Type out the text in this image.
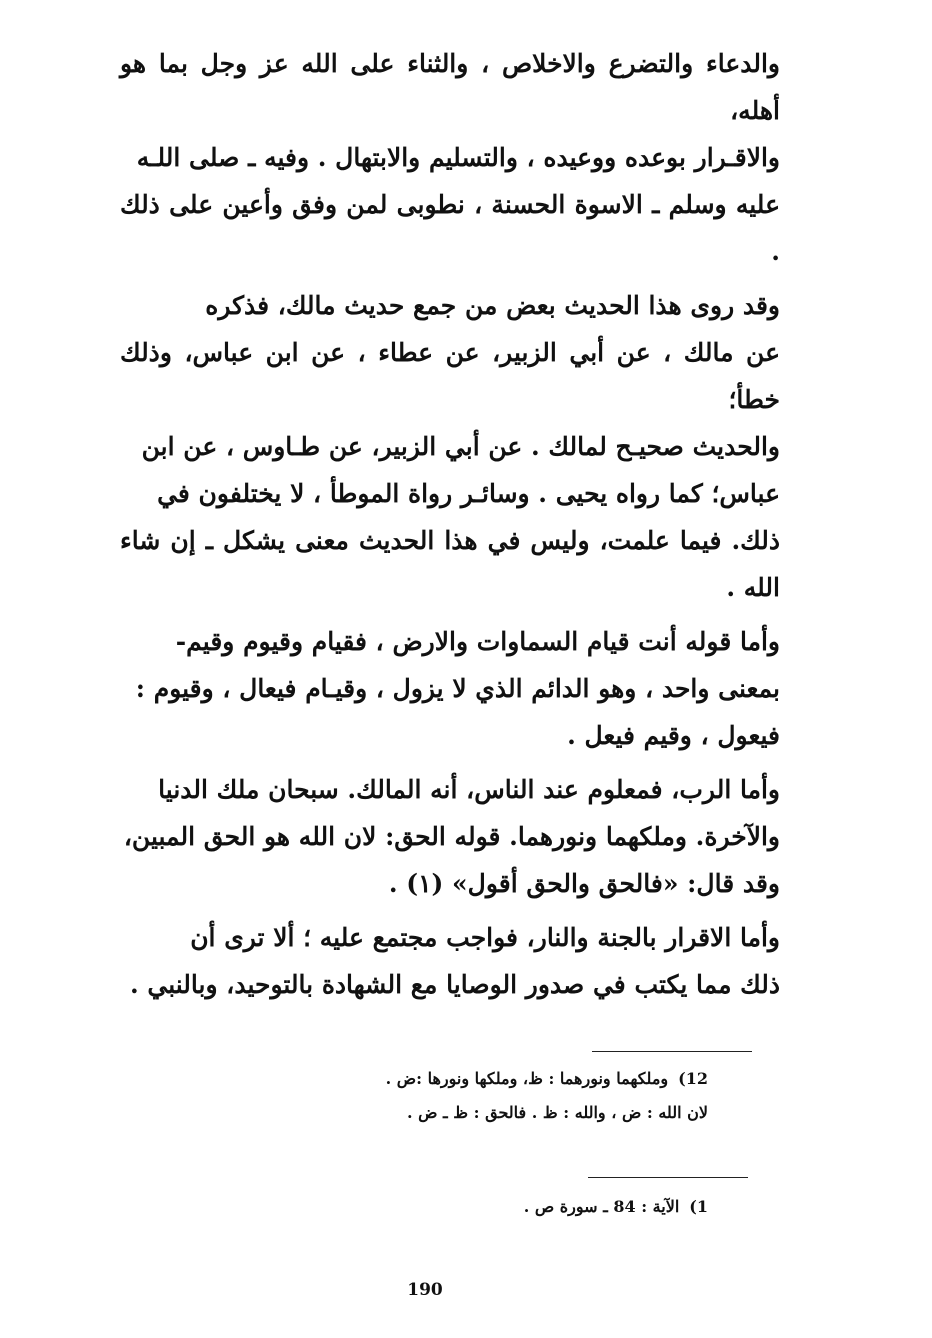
والدعاء والتضرع والاخلاص ، والثناء على الله عز وجل بما هو أهله،
والاقـرار بوعده ووعيده ، والتسليم والابتهال . وفيه ـ صلى اللـه
عليه وسلم ـ الاسوة الحسنة ، نطوبى لمن وفق وأعين على ذلك .

وقد روى هذا الحديث بعض من جمع حديث مالك، فذكره
عن مالك ، عن أبي الزبير، عن عطاء ، عن ابن عباس، وذلك خطأ؛
والحديث صحيـح لمالك . عن أبي الزبير، عن طـاوس ، عن ابن
عباس؛ كما رواه يحيى . وسائـر رواة الموطأ ، لا يختلفون في
ذلك. فيما علمت، وليس في هذا الحديث معنى يشكل ـ إن شاء الله .

وأما قوله أنت قيام السماوات والارض ، فقيام وقيوم وقيم-
بمعنى واحد ، وهو الدائم الذي لا يزول ، وقيـام فيعال ، وقيوم :
فيعول ، وقيم فيعل .

وأما الرب، فمعلوم عند الناس، أنه المالك. سبحان ملك الدنيا
والآخرة. وملكهما ونورهما. قوله الحق: لان الله هو الحق المبين،
وقد قال: «فالحق والحق أقول» (١) .

وأما الاقرار بالجنة والنار، فواجب مجتمع عليه ؛ ألا ترى أن
ذلك مما يكتب في صدور الوصايا مع الشهادة بالتوحيد، وبالنبي .

12)وملكهما ونورهما : ظ، وملكها ونورها :ض .

لان الله : ض ، والله : ظ . فالحق : ظ ـ ض .

1)الآية : 84 ـ سورة ص .

190
